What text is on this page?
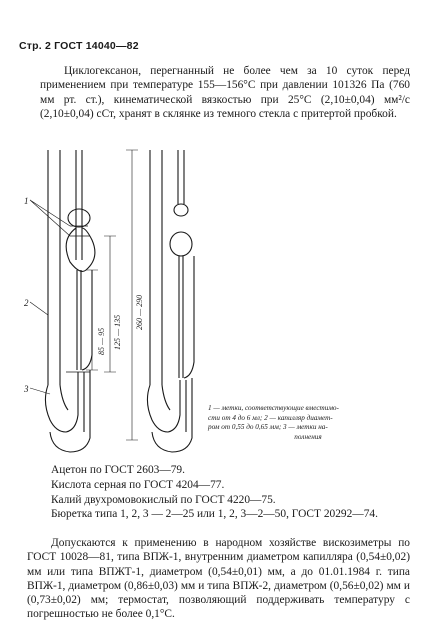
Стр. 2 ГОСТ 14040—82

Циклогексанон, перегнанный не более чем за 10 суток перед применением при температуре 155—156°С при давлении 101326 Па (760 мм рт. ст.), кинематической вязкостью при 25°С (2,10±0,04) мм²/с (2,10±0,04) сСт, хранят в склянке из темного стекла с притертой пробкой.

1
2
3
85 — 95 125 — 135
260 — 290

1 — метки, соответствующие вместимо-
сти от 4 до 6 мл; 2 — капилляр диамет-
ром от 0,55 до 0,65 мм; 3 — метки на-
полнения

Ацетон по ГОСТ 2603—79.
Кислота серная по ГОСТ 4204—77.
Калий двухромовокислый по ГОСТ 4220—75.

Бюретка типа 1, 2, 3 — 2—25 или 1, 2, 3—2—50, ГОСТ 20292—74.

Допускаются к применению в народном хозяйстве вискозиметры по ГОСТ 10028—81, типа ВПЖ-1, внутренним диаметром капилляра (0,54±0,02) мм или типа ВПЖТ-1, диаметром (0,54±0,01) мм, а до 01.01.1984 г. типа ВПЖ-1, диаметром (0,86±0,03) мм и типа ВПЖ-2, диаметром (0,56±0,02) мм и (0,73±0,02) мм; термостат, позволяющий поддерживать температуру с погрешностью не более 0,1°С.
